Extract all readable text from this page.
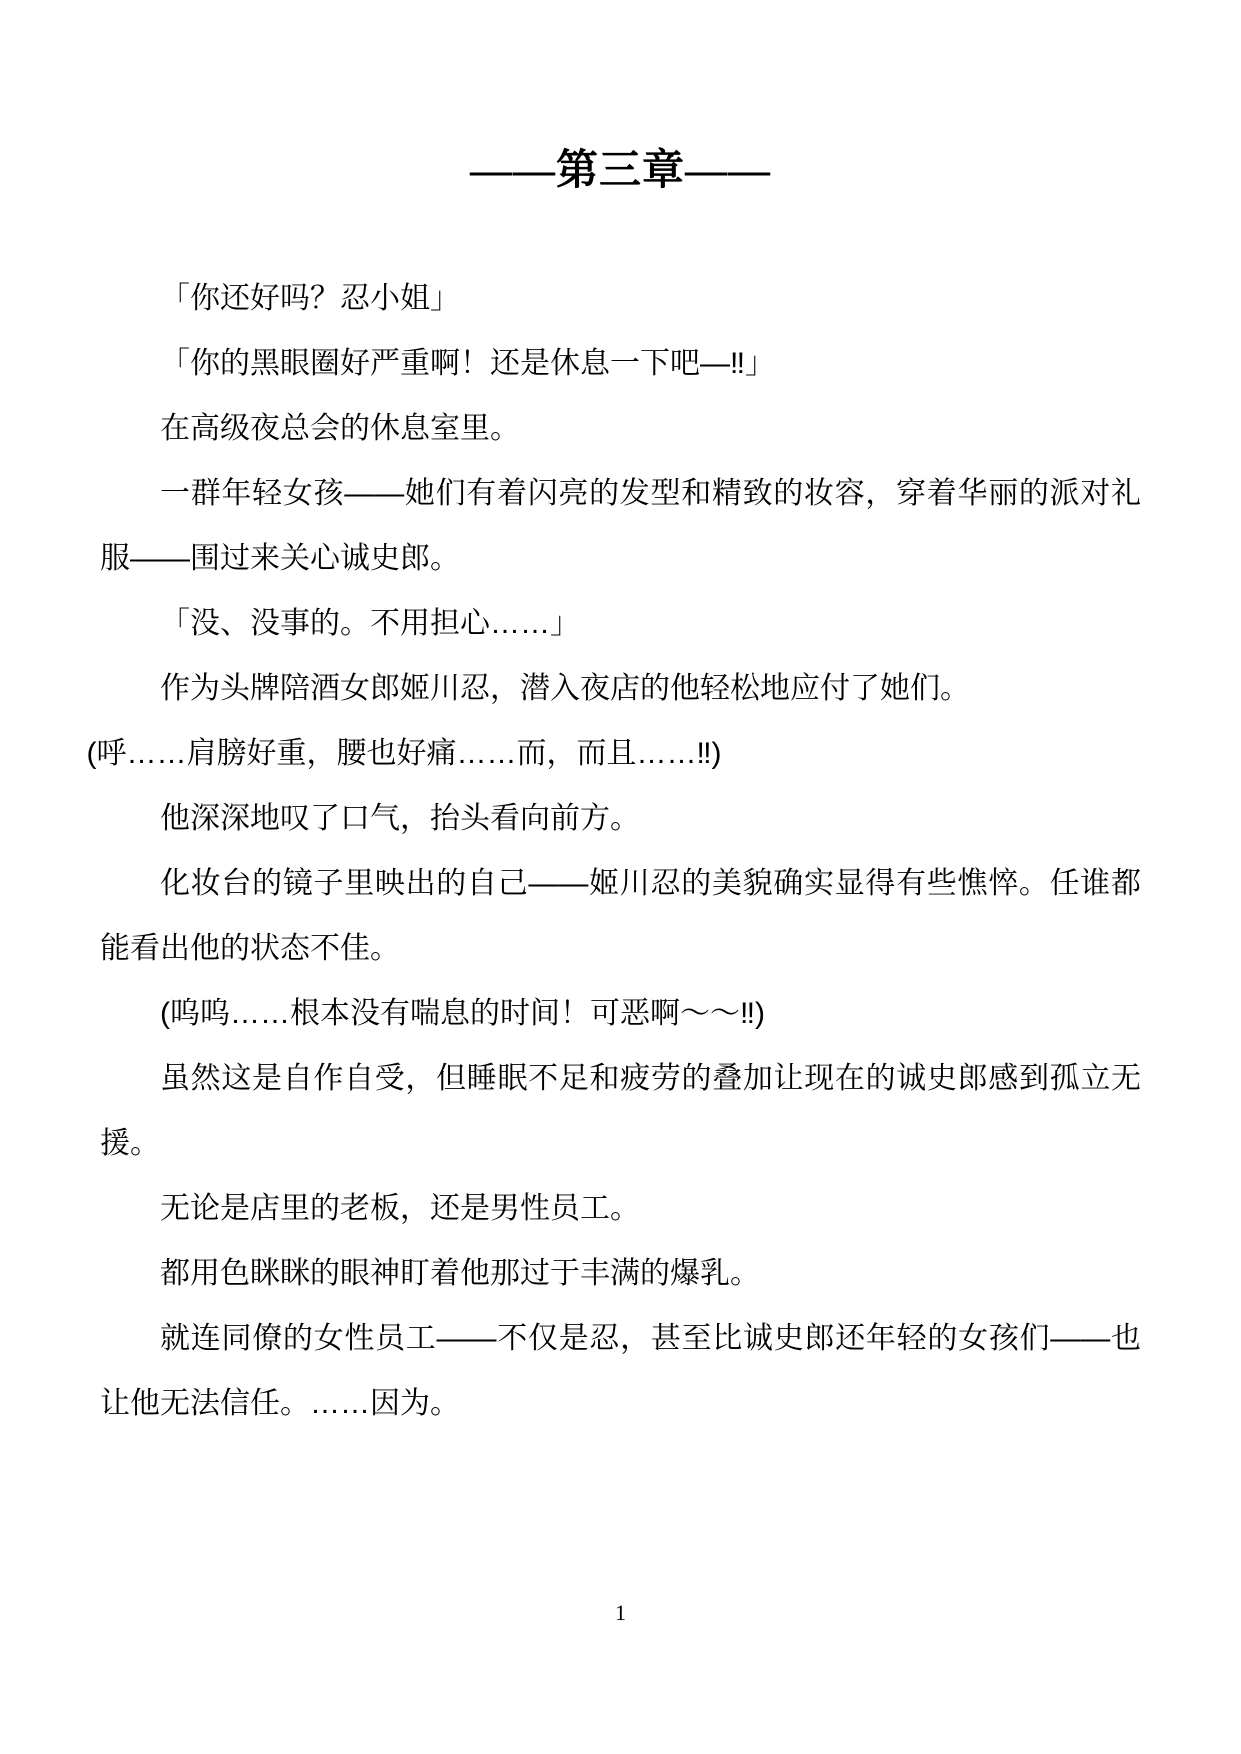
——第三章——

「你还好吗？忍小姐」

「你的黑眼圈好严重啊！还是休息一下吧—‼」

在高级夜总会的休息室里。

一群年轻女孩——她们有着闪亮的发型和精致的妆容，穿着华丽的派对礼服——围过来关心诚史郎。

「没、没事的。不用担心……」

作为头牌陪酒女郎姬川忍，潜入夜店的他轻松地应付了她们。

(呼……肩膀好重，腰也好痛……而，而且……‼)

他深深地叹了口气，抬头看向前方。

化妆台的镜子里映出的自己——姬川忍的美貌确实显得有些憔悴。任谁都能看出他的状态不佳。

(呜呜……根本没有喘息的时间！可恶啊～～‼)

虽然这是自作自受，但睡眠不足和疲劳的叠加让现在的诚史郎感到孤立无援。

无论是店里的老板，还是男性员工。

都用色眯眯的眼神盯着他那过于丰满的爆乳。

就连同僚的女性员工——不仅是忍，甚至比诚史郎还年轻的女孩们——也让他无法信任。……因为。

1
